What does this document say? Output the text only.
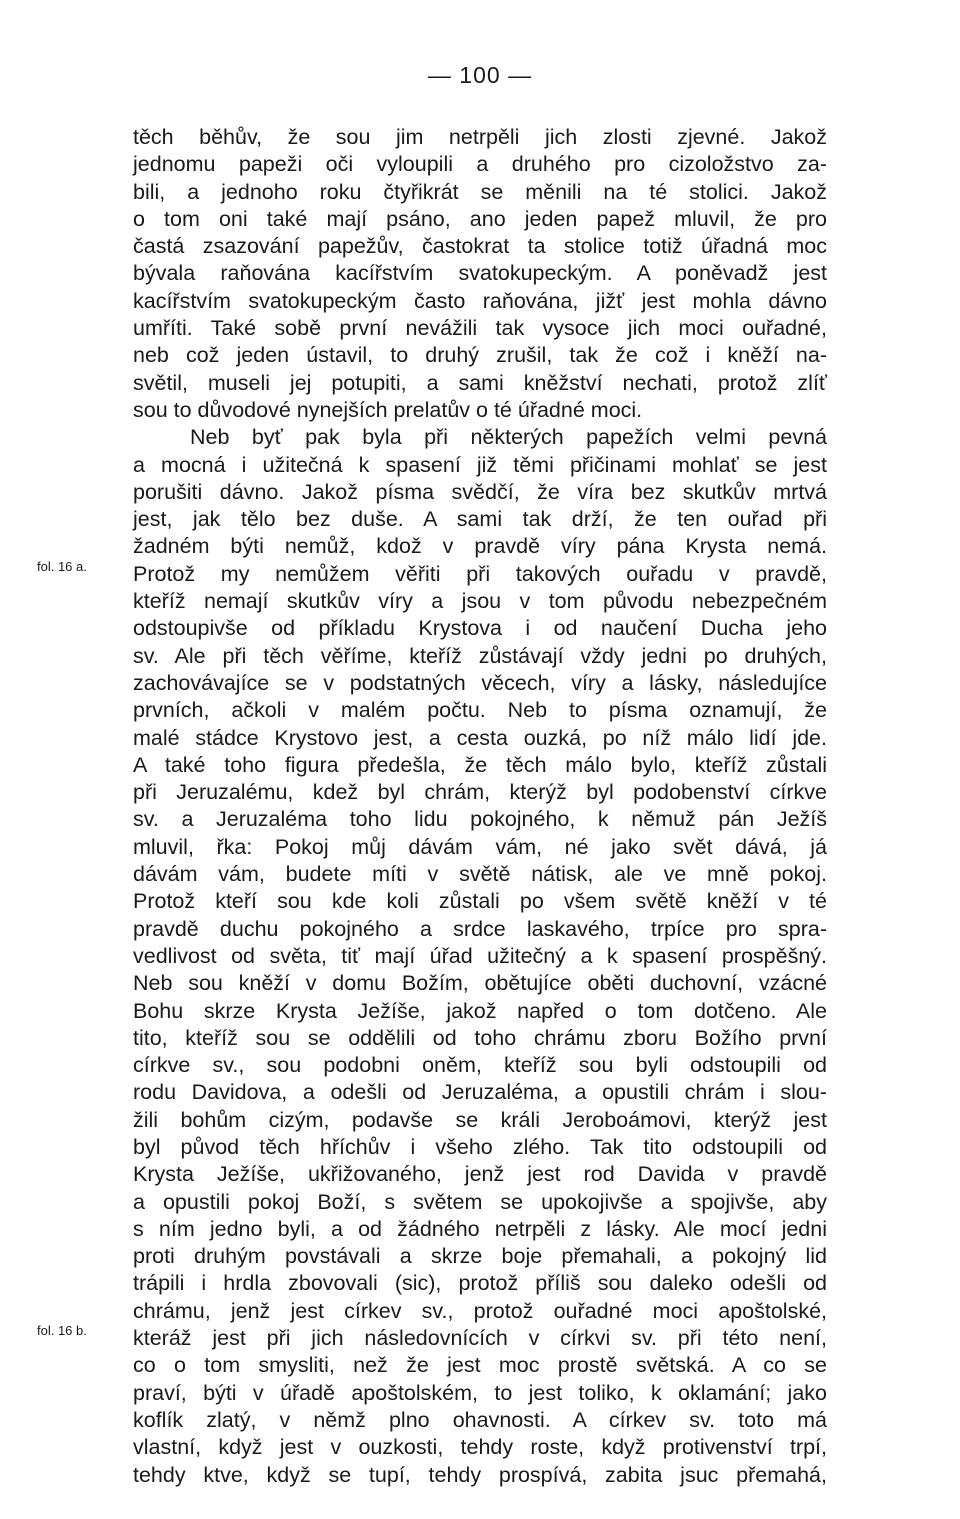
— 100 —
fol. 16 a.
fol. 16 b.
těch běhův, že sou jim netrpěli jich zlosti zjevné. Jakož
jednomu papeži oči vyloupili a druhého pro cizoložstvo za-
bili, a jednoho roku čtyřikrát se měnili na té stolici. Jakož
o tom oni také mají psáno, ano jeden papež mluvil, že pro
častá zsazování papežův, častokrat ta stolice totiž úřadná moc
bývala raňována kacířstvím svatokupeckým. A poněvadž jest
kacířstvím svatokupeckým často raňována, jižť jest mohla dávno
umříti. Také sobě první nevážili tak vysoce jich moci ouřadné,
neb což jeden ústavil, to druhý zrušil, tak že což i kněží na-
světil, museli jej potupiti, a sami kněžství nechati, protož zlíť
sou to důvodové nynejších prelatův o té úřadné moci.
Neb byť pak byla při některých papežích velmi pevná
a mocná i užitečná k spasení již těmi přičinami mohlať se jest
porušiti dávno. Jakož písma svědčí, že víra bez skutkův mrtvá
jest, jak tělo bez duše. A sami tak drží, že ten ouřad při
žadném býti nemůž, kdož v pravdě víry pána Krysta nemá.
Protož my nemůžem věřiti při takových ouřadu v pravdě,
kteříž nemají skutkův víry a jsou v tom původu nebezpečném
odstoupivše od příkladu Krystova i od naučení Ducha jeho
sv. Ale při těch věříme, kteříž zůstávají vždy jedni po druhých,
zachovávajíce se v podstatných věcech, víry a lásky, následujíce
prvních, ačkoli v malém počtu. Neb to písma oznamují, že
malé stádce Krystovo jest, a cesta ouzká, po níž málo lidí jde.
A také toho figura předešla, že těch málo bylo, kteříž zůstali
při Jeruzalému, kdež byl chrám, kterýž byl podobenství církve
sv. a Jeruzaléma toho lidu pokojného, k němuž pán Ježíš
mluvil, řka: Pokoj můj dávám vám, né jako svět dává, já
dávám vám, budete míti v světě nátisk, ale ve mně pokoj.
Protož kteří sou kde koli zůstali po všem světě kněží v té
pravdě duchu pokojného a srdce laskavého, trpíce pro spra-
vedlivost od světa, tiť mají úřad užitečný a k spasení prospěšný.
Neb sou kněží v domu Božím, obětujíce oběti duchovní, vzácné
Bohu skrze Krysta Ježíše, jakož napřed o tom dotčeno. Ale
tito, kteříž sou se oddělili od toho chrámu zboru Božího první
církve sv., sou podobni oněm, kteříž sou byli odstoupili od
rodu Davidova, a odešli od Jeruzaléma, a opustili chrám i slou-
žili bohům cizým, podavše se králi Jeroboámovi, kterýž jest
byl původ těch hříchův i všeho zlého. Tak tito odstoupili od
Krysta Ježíše, ukřižovaného, jenž jest rod Davida v pravdě
a opustili pokoj Boží, s světem se upokojivše a spojivše, aby
s ním jedno byli, a od žádného netrpěli z lásky. Ale mocí jedni
proti druhým povstávali a skrze boje přemahali, a pokojný lid
trápili i hrdla zbovovali (sic), protož příliš sou daleko odešli od
chrámu, jenž jest církev sv., protož ouřadné moci apoštolské,
kteráž jest při jich následovnících v církvi sv. při této není,
co o tom smysliti, než že jest moc prostě světská. A co se
praví, býti v úřadě apoštolském, to jest toliko, k oklamání; jako
koflík zlatý, v němž plno ohavnosti. A církev sv. toto má
vlastní, když jest v ouzkosti, tehdy roste, když protivenství trpí,
tehdy ktve, když se tupí, tehdy prospívá, zabita jsuc přemahá,
